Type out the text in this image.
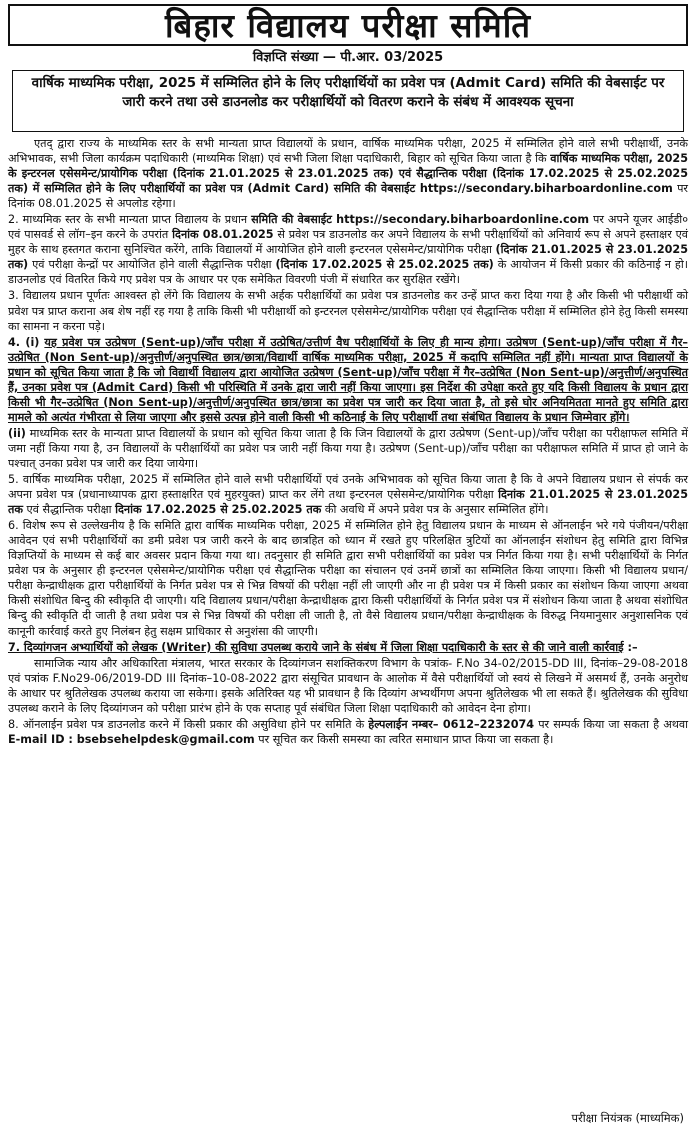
बिहार विद्यालय परीक्षा समिति
विज्ञप्ति संख्या — पी.आर. 03/2025
वार्षिक माध्यमिक परीक्षा, 2025 में सम्मिलित होने के लिए परीक्षार्थियों का प्रवेश पत्र (Admit Card) समिति की वेबसाईट पर जारी करने तथा उसे डाउनलोड कर परीक्षार्थियों को वितरण कराने के संबंध में आवश्यक सूचना
एतद् द्वारा राज्य के माध्यमिक स्तर के सभी मान्यता प्राप्त विद्यालयों के प्रधान, वार्षिक माध्यमिक परीक्षा, 2025 में सम्मिलित होने वाले सभी परीक्षार्थी, उनके अभिभावक, सभी जिला कार्यक्रम पदाधिकारी (माध्यमिक शिक्षा) एवं सभी जिला शिक्षा पदाधिकारी, बिहार को सूचित किया जाता है कि वार्षिक माध्यमिक परीक्षा, 2025 के इन्टरनल एसेसमेन्ट/प्रायोगिक परीक्षा (दिनांक 21.01.2025 से 23.01.2025 तक) एवं सैद्धान्तिक परीक्षा (दिनांक 17.02.2025 से 25.02.2025 तक) में सम्मिलित होने के लिए परीक्षार्थियों का प्रवेश पत्र (Admit Card) समिति की वेबसाईट https://secondary.biharboardonline.com पर दिनांक 08.01.2025 से अपलोड रहेगा।
2. माध्यमिक स्तर के सभी मान्यता प्राप्त विद्यालय के प्रधान समिति की वेबसाईट https://secondary.biharboardonline.com पर अपने यूजर आईडी० एवं पासवर्ड से लॉग–इन करने के उपरांत दिनांक 08.01.2025 से प्रवेश पत्र डाउनलोड कर अपने विद्यालय के सभी परीक्षार्थियों को अनिवार्य रूप से अपने हस्ताक्षर एवं मुहर के साथ हस्तगत कराना सुनिश्चित करेंगे, ताकि विद्यालयों में आयोजित होने वाली इन्टरनल एसेसमेन्ट/प्रायोगिक परीक्षा (दिनांक 21.01.2025 से 23.01.2025 तक) एवं परीक्षा केन्द्रों पर आयोजित होने वाली सैद्धान्तिक परीक्षा (दिनांक 17.02.2025 से 25.02.2025 तक) के आयोजन में किसी प्रकार की कठिनाई न हो। डाउनलोड एवं वितरित किये गए प्रवेश पत्र के आधार पर एक समेकित विवरणी पंजी में संधारित कर सुरक्षित रखेंगे।
3. विद्यालय प्रधान पूर्णतः आश्वस्त हो लेंगे कि विद्यालय के सभी अर्हक परीक्षार्थियों का प्रवेश पत्र डाउनलोड कर उन्हें प्राप्त करा दिया गया है और किसी भी परीक्षार्थी को प्रवेश पत्र प्राप्त कराना अब शेष नहीं रह गया है ताकि किसी भी परीक्षार्थी को इन्टरनल एसेसमेन्ट/प्रायोगिक परीक्षा एवं सैद्धान्तिक परीक्षा में सम्मिलित होने हेतु किसी समस्या का सामना न करना पड़े।
4. (i) यह प्रवेश पत्र उत्प्रेषण (Sent-up)/जाँच परीक्षा में उत्प्रेषित/उत्तीर्ण वैध परीक्षार्थियों के लिए ही मान्य होगा। उत्प्रेषण (Sent-up)/जाँच परीक्षा में गैर–उत्प्रेषित (Non Sent-up)/अनुत्तीर्ण/अनुपस्थित छात्र/छात्रा/विद्यार्थी वार्षिक माध्यमिक परीक्षा, 2025 में कदापि सम्मिलित नहीं होंगे। मान्यता प्राप्त विद्यालयों के प्रधान को सूचित किया जाता है कि जो विद्यार्थी विद्यालय द्वारा आयोजित उत्प्रेषण (Sent-up)/जाँच परीक्षा में गैर–उत्प्रेषित (Non Sent-up)/अनुत्तीर्ण/अनुपस्थित हैं, उनका प्रवेश पत्र (Admit Card) किसी भी परिस्थिति में उनके द्वारा जारी नहीं किया जाएगा। इस निर्देश की उपेक्षा करते हुए यदि किसी विद्यालय के प्रधान द्वारा किसी भी गैर–उत्प्रेषित (Non Sent-up)/अनुत्तीर्ण/अनुपस्थित छात्र/छात्रा का प्रवेश पत्र जारी कर दिया जाता है, तो इसे घोर अनियमितता मानते हुए समिति द्वारा मामले को अत्यंत गंभीरता से लिया जाएगा और इससे उत्पन्न होने वाली किसी भी कठिनाई के लिए परीक्षार्थी तथा संबंधित विद्यालय के प्रधान जिम्मेवार होंगे।
(ii) माध्यमिक स्तर के मान्यता प्राप्त विद्यालयों के प्रधान को सूचित किया जाता है कि जिन विद्यालयों के द्वारा उत्प्रेषण (Sent-up)/जाँच परीक्षा का परीक्षाफल समिति में जमा नहीं किया गया है, उन विद्यालयों के परीक्षार्थियों का प्रवेश पत्र जारी नहीं किया गया है। उत्प्रेषण (Sent-up)/जाँच परीक्षा का परीक्षाफल समिति में प्राप्त हो जाने के पश्चात् उनका प्रवेश पत्र जारी कर दिया जायेगा।
5. वार्षिक माध्यमिक परीक्षा, 2025 में सम्मिलित होने वाले सभी परीक्षार्थियों एवं उनके अभिभावक को सूचित किया जाता है कि वे अपने विद्यालय प्रधान से संपर्क कर अपना प्रवेश पत्र (प्रधानाध्यापक द्वारा हस्ताक्षरित एवं मुहरयुक्त) प्राप्त कर लेंगे तथा इन्टरनल एसेसमेन्ट/प्रायोगिक परीक्षा दिनांक 21.01.2025 से 23.01.2025 तक एवं सैद्धान्तिक परीक्षा दिनांक 17.02.2025 से 25.02.2025 तक की अवधि में अपने प्रवेश पत्र के अनुसार सम्मिलित होंगे।
6. विशेष रूप से उल्लेखनीय है कि समिति द्वारा वार्षिक माध्यमिक परीक्षा, 2025 में सम्मिलित होने हेतु विद्यालय प्रधान के माध्यम से ऑनलाईन भरे गये पंजीयन/परीक्षा आवेदन एवं सभी परीक्षार्थियों का डमी प्रवेश पत्र जारी करने के बाद छात्रहित को ध्यान में रखते हुए परिलक्षित त्रुटियों का ऑनलाईन संशोधन हेतु समिति द्वारा विभिन्न विज्ञप्तियों के माध्यम से कई बार अवसर प्रदान किया गया था। तदनुसार ही समिति द्वारा सभी परीक्षार्थियों का प्रवेश पत्र निर्गत किया गया है। सभी परीक्षार्थियों के निर्गत प्रवेश पत्र के अनुसार ही इन्टरनल एसेसमेन्ट/प्रायोगिक परीक्षा एवं सैद्धान्तिक परीक्षा का संचालन एवं उनमें छात्रों का सम्मिलित किया जाएगा। किसी भी विद्यालय प्रधान/परीक्षा केन्द्राधीक्षक द्वारा परीक्षार्थियों के निर्गत प्रवेश पत्र से भिन्न विषयों की परीक्षा नहीं ली जाएगी और ना ही प्रवेश पत्र में किसी प्रकार का संशोधन किया जाएगा अथवा किसी संशोधित बिन्दु की स्वीकृति दी जाएगी। यदि विद्यालय प्रधान/परीक्षा केन्द्राधीक्षक द्वारा किसी परीक्षार्थियों के निर्गत प्रवेश पत्र में संशोधन किया जाता है अथवा संशोधित बिन्दु की स्वीकृति दी जाती है तथा प्रवेश पत्र से भिन्न विषयों की परीक्षा ली जाती है, तो वैसे विद्यालय प्रधान/परीक्षा केन्द्राधीक्षक के विरुद्ध नियमानुसार अनुशासनिक एवं कानूनी कार्रवाई करते हुए निलंबन हेतु सक्षम प्राधिकार से अनुशंसा की जाएगी।
7. दिव्यांगजन अभ्यार्थियों को लेखक (Writer) की सुविधा उपलब्ध कराये जाने के संबंध में जिला शिक्षा पदाधिकारी के स्तर से की जाने वाली कार्रवाई :–
सामाजिक न्याय और अधिकारिता मंत्रालय, भारत सरकार के दिव्यांगजन सशक्तिकरण विभाग के पत्रांक- F.No 34-02/2015-DD III, दिनांक–29-08-2018 एवं पत्रांक F.No29-06/2019-DD III दिनांक–10-08-2022 द्वारा संसूचित प्रावधान के आलोक में वैसे परीक्षार्थियों जो स्वयं से लिखने में असमर्थ हैं, उनके अनुरोध के आधार पर श्रुतिलेखक उपलब्ध कराया जा सकेगा। इसके अतिरिक्त यह भी प्रावधान है कि दिव्यांग अभ्यर्थीगण अपना श्रुतिलेखक भी ला सकते हैं। श्रुतिलेखक की सुविधा उपलब्ध कराने के लिए दिव्यांगजन को परीक्षा प्रारंभ होने के एक सप्ताह पूर्व संबंधित जिला शिक्षा पदाधिकारी को आवेदन देना होगा।
8. ऑनलाईन प्रवेश पत्र डाउनलोड करने में किसी प्रकार की असुविधा होने पर समिति के हेल्पलाईन नम्बर– 0612–2232074 पर सम्पर्क किया जा सकता है अथवा E-mail ID : bsebsehelpdesk@gmail.com पर सूचित कर किसी समस्या का त्वरित समाधान प्राप्त किया जा सकता है।
परीक्षा नियंत्रक (माध्यमिक)
